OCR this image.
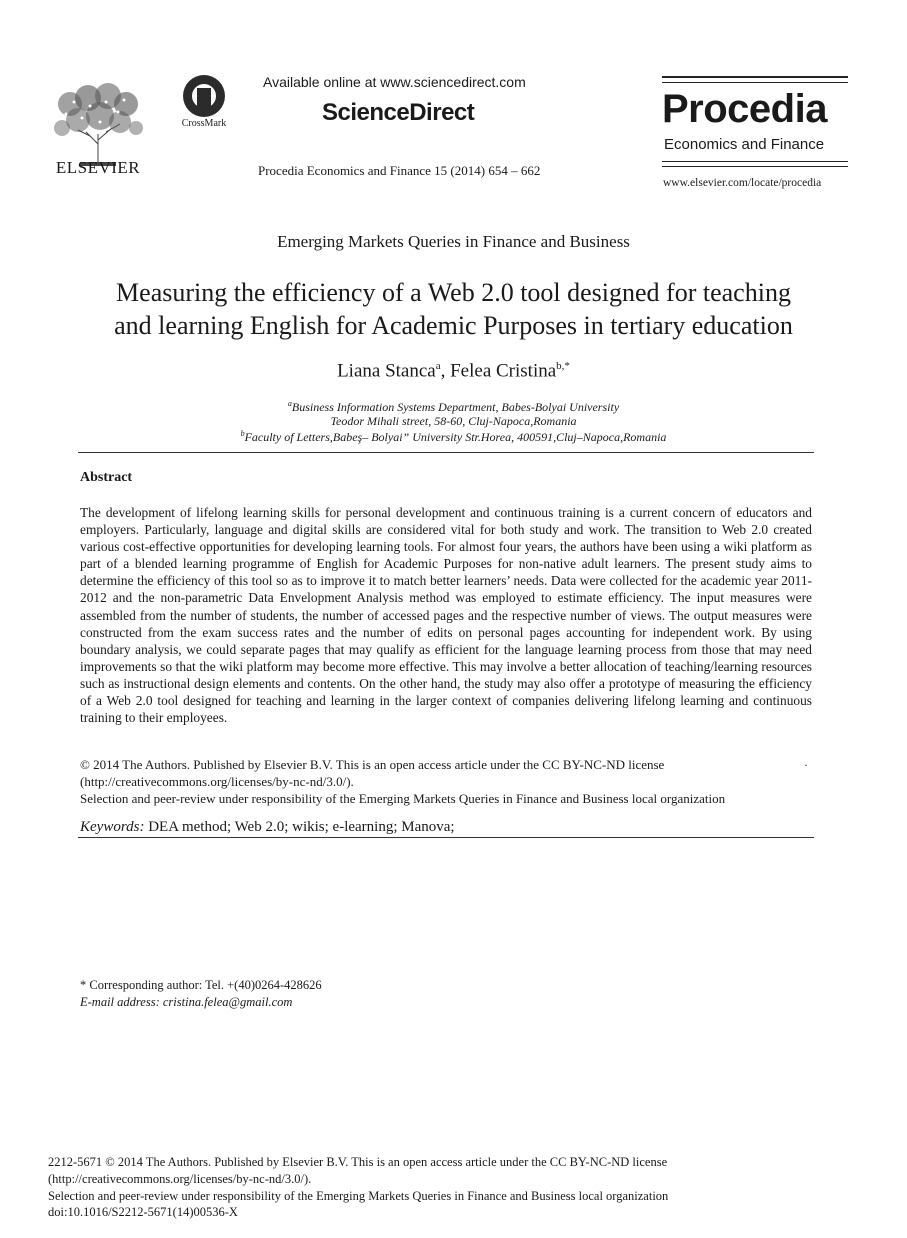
ELSEVIER
CrossMark
Available online at www.sciencedirect.com
ScienceDirect
Procedia Economics and Finance 15 (2014) 654 – 662
Procedia
Economics and Finance
www.elsevier.com/locate/procedia
Emerging Markets Queries in Finance and Business
Measuring the efficiency of a Web 2.0 tool designed for teaching
and learning English for Academic Purposes in tertiary education
Liana Stanca$^a$, Felea Cristina$^{b,*}$
$^a$Business Information Systems Department, Babes-Bolyai University
Teodor Mihali street, 58-60, Cluj-Napoca,Romania
$^b$Faculty of Letters,Babeş– Bolyai” University Str.Horea, 400591,Cluj–Napoca,Romania
Abstract
The development of lifelong learning skills for personal development and continuous training is a current concern of educators and employers. Particularly, language and digital skills are considered vital for both study and work. The transition to Web 2.0 created various cost-effective opportunities for developing learning tools. For almost four years, the authors have been using a wiki platform as part of a blended learning programme of English for Academic Purposes for non-native adult learners. The present study aims to determine the efficiency of this tool so as to improve it to match better learners’ needs. Data were collected for the academic year 2011-2012 and the non-parametric Data Envelopment Analysis method was employed to estimate efficiency. The input measures were assembled from the number of students, the number of accessed pages and the respective number of views. The output measures were constructed from the exam success rates and the number of edits on personal pages accounting for independent work. By using boundary analysis, we could separate pages that may qualify as efficient for the language learning process from those that may need improvements so that the wiki platform may become more effective. This may involve a better allocation of teaching/learning resources such as instructional design elements and contents. On the other hand, the study may also offer a prototype of measuring the efficiency of a Web 2.0 tool designed for teaching and learning in the larger context of companies delivering lifelong learning and continuous training to their employees.
© 2014 The Authors. Published by Elsevier B.V. This is an open access article under the CC BY-NC-ND license
(http://creativecommons.org/licenses/by-nc-nd/3.0/).
Selection and peer-review under responsibility of the Emerging Markets Queries in Finance and Business local organization
·
Keywords: DEA method; Web 2.0; wikis; e-learning; Manova;
* Corresponding author: Tel. +(40)0264-428626
E-mail address: cristina.felea@gmail.com
2212-5671 © 2014 The Authors. Published by Elsevier B.V. This is an open access article under the CC BY-NC-ND license
(http://creativecommons.org/licenses/by-nc-nd/3.0/).
Selection and peer-review under responsibility of the Emerging Markets Queries in Finance and Business local organization
doi:10.1016/S2212-5671(14)00536-X
